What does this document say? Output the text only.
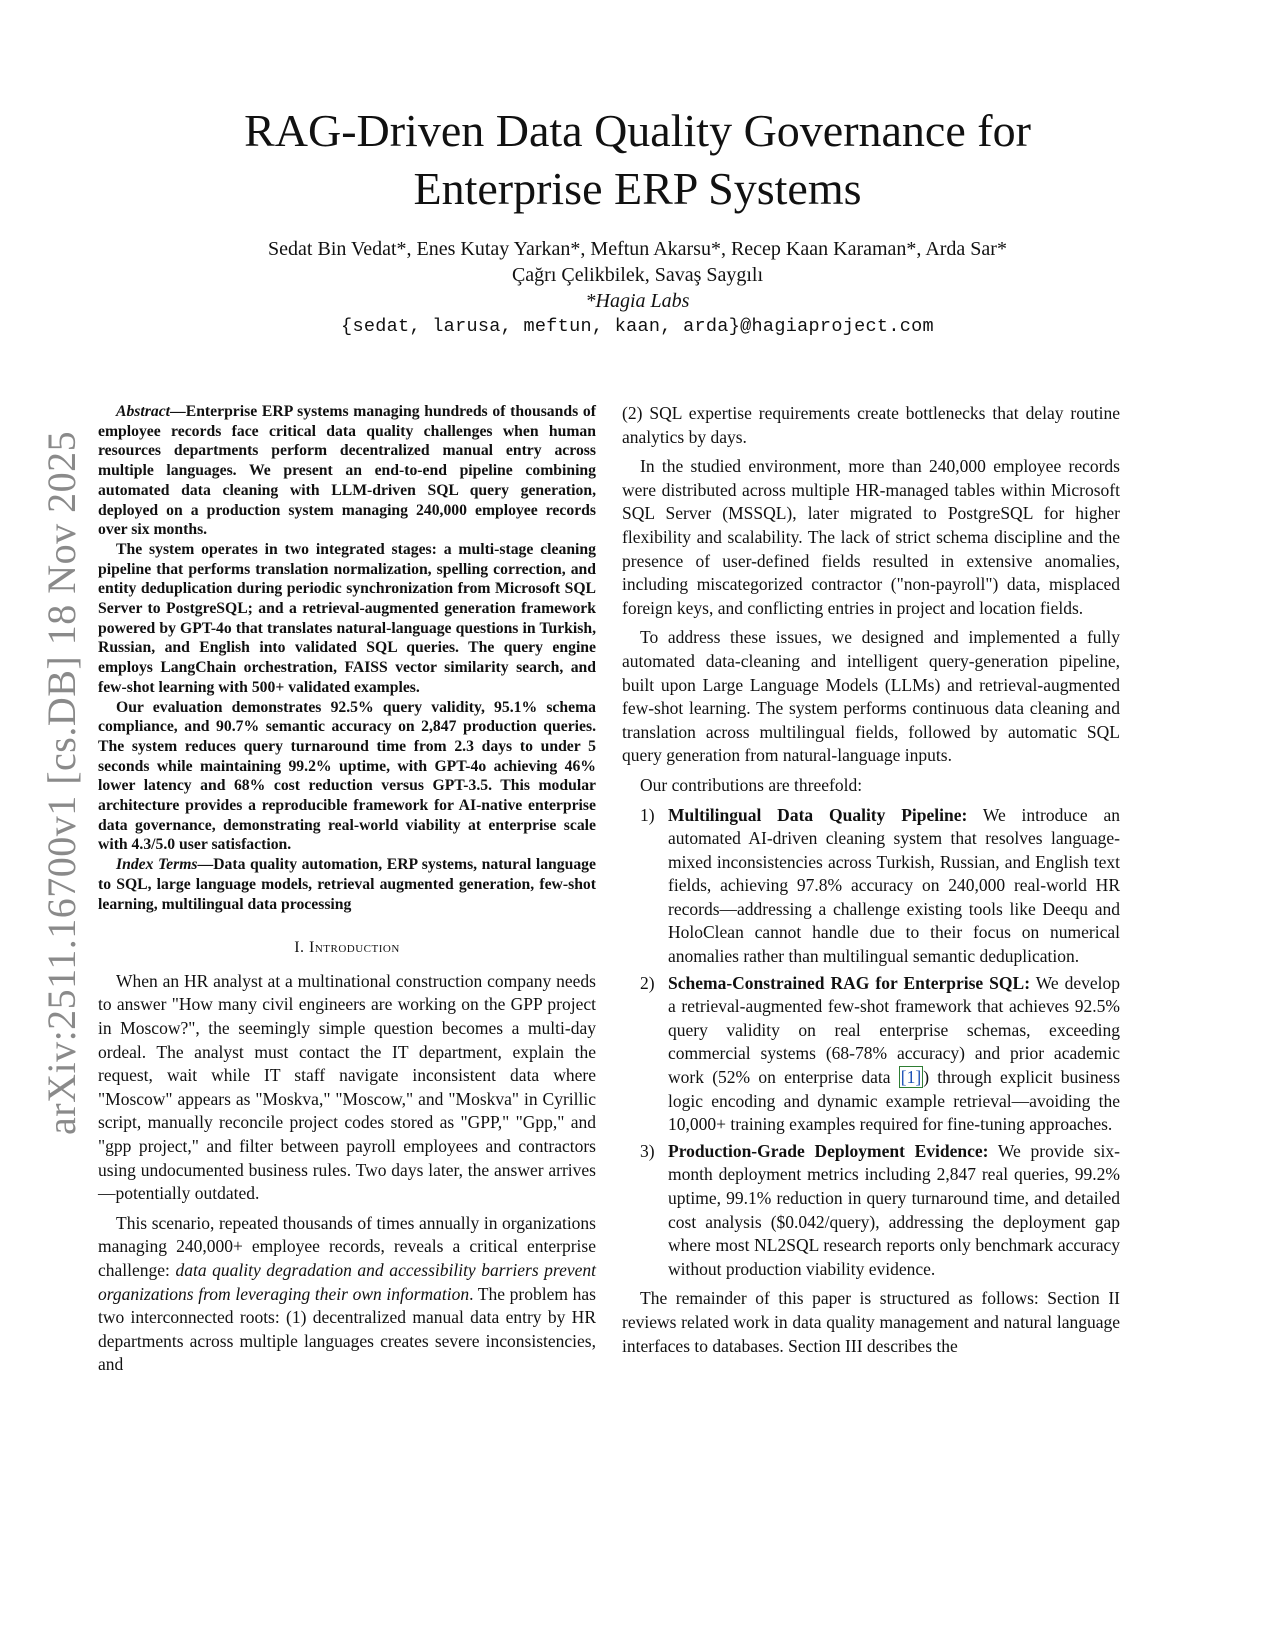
arXiv:2511.16700v1 [cs.DB] 18 Nov 2025
RAG-Driven Data Quality Governance for
Enterprise ERP Systems
Sedat Bin Vedat*, Enes Kutay Yarkan*, Meftun Akarsu*, Recep Kaan Karaman*, Arda Sar*
Çağrı Çelikbilek, Savaş Saygılı
*Hagia Labs
{sedat, larusa, meftun, kaan, arda}@hagiaproject.com

Abstract—Enterprise ERP systems managing hundreds of thousands of employee records face critical data quality challenges when human resources departments perform decentralized manual entry across multiple languages. We present an end-to-end pipeline combining automated data cleaning with LLM-driven SQL query generation, deployed on a production system managing 240,000 employee records over six months.

The system operates in two integrated stages: a multi-stage cleaning pipeline that performs translation normalization, spelling correction, and entity deduplication during periodic synchronization from Microsoft SQL Server to PostgreSQL; and a retrieval-augmented generation framework powered by GPT-4o that translates natural-language questions in Turkish, Russian, and English into validated SQL queries. The query engine employs LangChain orchestration, FAISS vector similarity search, and few-shot learning with 500+ validated examples.

Our evaluation demonstrates 92.5% query validity, 95.1% schema compliance, and 90.7% semantic accuracy on 2,847 production queries. The system reduces query turnaround time from 2.3 days to under 5 seconds while maintaining 99.2% uptime, with GPT-4o achieving 46% lower latency and 68% cost reduction versus GPT-3.5. This modular architecture provides a reproducible framework for AI-native enterprise data governance, demonstrating real-world viability at enterprise scale with 4.3/5.0 user satisfaction.

Index Terms—Data quality automation, ERP systems, natural language to SQL, large language models, retrieval augmented generation, few-shot learning, multilingual data processing

I. Introduction

When an HR analyst at a multinational construction company needs to answer "How many civil engineers are working on the GPP project in Moscow?", the seemingly simple question becomes a multi-day ordeal. The analyst must contact the IT department, explain the request, wait while IT staff navigate inconsistent data where "Moscow" appears as "Moskva," "Moscow," and "Moskva" in Cyrillic script, manually reconcile project codes stored as "GPP," "Gpp," and "gpp project," and filter between payroll employees and contractors using undocumented business rules. Two days later, the answer arrives—potentially outdated.

This scenario, repeated thousands of times annually in organizations managing 240,000+ employee records, reveals a critical enterprise challenge: data quality degradation and accessibility barriers prevent organizations from leveraging their own information. The problem has two interconnected roots: (1) decentralized manual data entry by HR departments across multiple languages creates severe inconsistencies, and

(2) SQL expertise requirements create bottlenecks that delay routine analytics by days.

In the studied environment, more than 240,000 employee records were distributed across multiple HR-managed tables within Microsoft SQL Server (MSSQL), later migrated to PostgreSQL for higher flexibility and scalability. The lack of strict schema discipline and the presence of user-defined fields resulted in extensive anomalies, including miscategorized contractor ("non-payroll") data, misplaced foreign keys, and conflicting entries in project and location fields.

To address these issues, we designed and implemented a fully automated data-cleaning and intelligent query-generation pipeline, built upon Large Language Models (LLMs) and retrieval-augmented few-shot learning. The system performs continuous data cleaning and translation across multilingual fields, followed by automatic SQL query generation from natural-language inputs.

Our contributions are threefold:

1) Multilingual Data Quality Pipeline: We introduce an automated AI-driven cleaning system that resolves language-mixed inconsistencies across Turkish, Russian, and English text fields, achieving 97.8% accuracy on 240,000 real-world HR records—addressing a challenge existing tools like Deequ and HoloClean cannot handle due to their focus on numerical anomalies rather than multilingual semantic deduplication.
2) Schema-Constrained RAG for Enterprise SQL: We develop a retrieval-augmented few-shot framework that achieves 92.5% query validity on real enterprise schemas, exceeding commercial systems (68-78% accuracy) and prior academic work (52% on enterprise data [1] ) through explicit business logic encoding and dynamic example retrieval—avoiding the 10,000+ training examples required for fine-tuning approaches.
3) Production-Grade Deployment Evidence: We provide six-month deployment metrics including 2,847 real queries, 99.2% uptime, 99.1% reduction in query turnaround time, and detailed cost analysis ($0.042/query), addressing the deployment gap where most NL2SQL research reports only benchmark accuracy without production viability evidence.

The remainder of this paper is structured as follows: Section II reviews related work in data quality management and natural language interfaces to databases. Section III describes the
